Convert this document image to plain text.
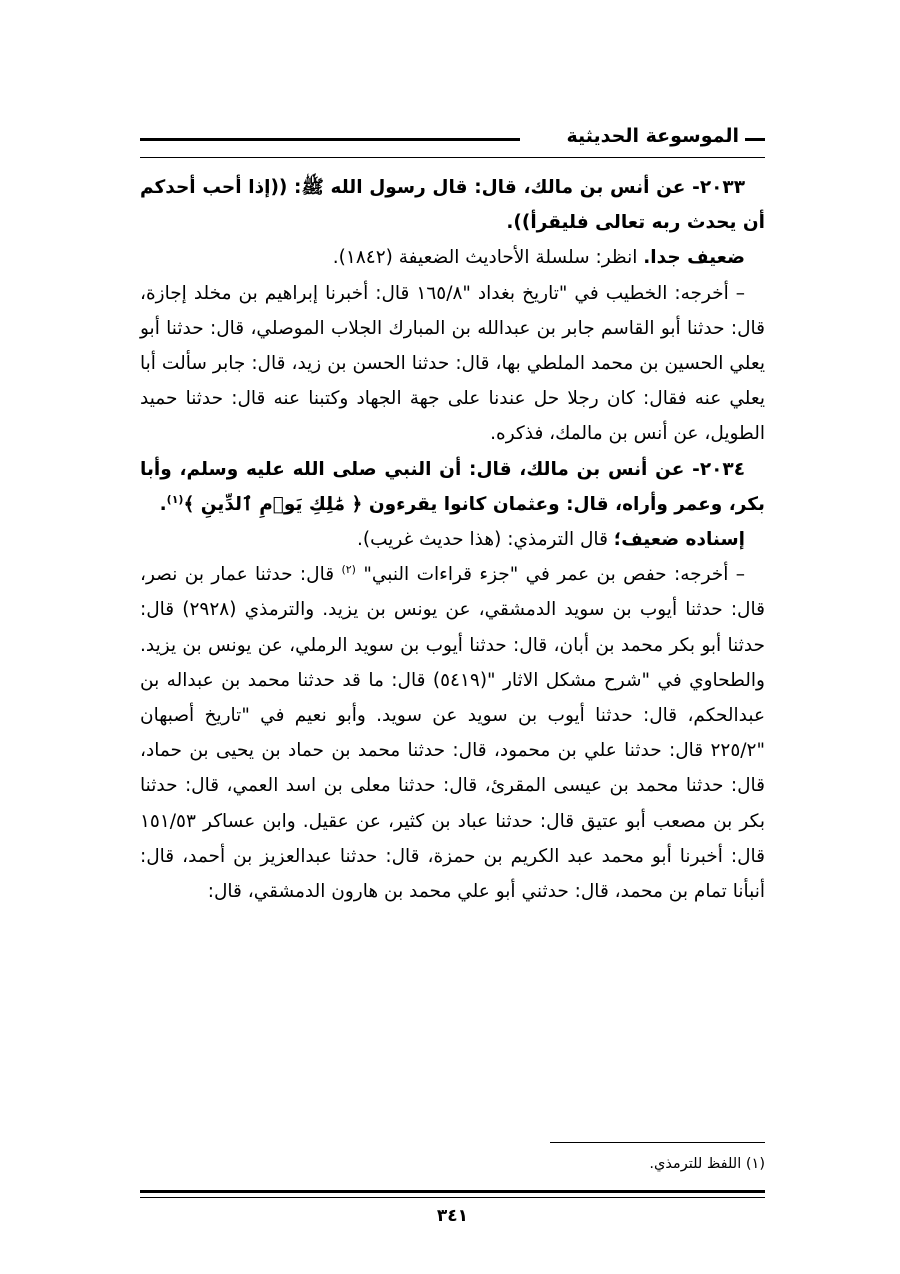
الموسوعة الحديثية

٢٠٣٣- عن أنس بن مالك، قال: قال رسول الله ﷺ: ((إذا أحب أحدكم أن يحدث ربه تعالى فليقرأ)).

ضعيف جدا. انظر: سلسلة الأحاديث الضعيفة (١٨٤٢).

– أخرجه: الخطيب في "تاريخ بغداد "١٦٥/٨ قال: أخبرنا إبراهيم بن مخلد إجازة، قال: حدثنا أبو القاسم جابر بن عبدالله بن المبارك الجلاب الموصلي، قال: حدثنا أبو يعلي الحسين بن محمد الملطي بها، قال: حدثنا الحسن بن زيد، قال: جابر سألت أبا يعلي عنه فقال: كان رجلا حل عندنا على جهة الجهاد وكتبنا عنه قال: حدثنا حميد الطويل، عن أنس بن مالمك، فذكره.

٢٠٣٤- عن أنس بن مالك، قال: أن النبي صلى الله عليه وسلم، وأبا بكر، وعمر وأراه، قال: وعثمان كانوا يقرءون ﴿ مَٰلِكِ يَوۡمِ ٱلدِّينِ ﴾$^{(١)}$.

إسناده ضعيف؛ قال الترمذي: (هذا حديث غريب).

– أخرجه: حفص بن عمر في "جزء قراءات النبي" $^{(٢)}$ قال: حدثنا عمار بن نصر، قال: حدثنا أيوب بن سويد الدمشقي، عن يونس بن يزيد. والترمذي (٢٩٢٨) قال: حدثنا أبو بكر محمد بن أبان، قال: حدثنا أيوب بن سويد الرملي، عن يونس بن يزيد. والطحاوي في "شرح مشكل الاثار "(٥٤١٩) قال: ما قد حدثنا محمد بن عبداله بن عبدالحكم، قال: حدثنا أيوب بن سويد عن سويد. وأبو نعيم في "تاريخ أصبهان "٢٢٥/٢ قال: حدثنا علي بن محمود، قال: حدثنا محمد بن حماد بن يحيى بن حماد، قال: حدثنا محمد بن عيسى المقرئ، قال: حدثنا معلى بن اسد العمي، قال: حدثنا بكر بن مصعب أبو عتيق قال: حدثنا عباد بن كثير، عن عقيل. وابن عساكر ١٥١/٥٣ قال: أخبرنا أبو محمد عبد الكريم بن حمزة، قال: حدثنا عبدالعزيز بن أحمد، قال: أنبأنا تمام بن محمد، قال: حدثني أبو علي محمد بن هارون الدمشقي، قال:

(١) اللفظ للترمذي.
٣٤١
